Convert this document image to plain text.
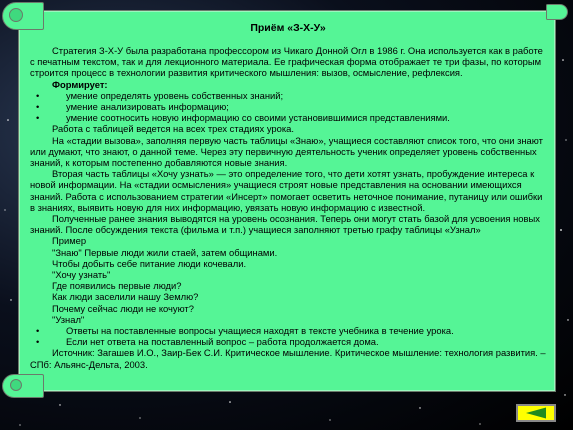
Приём «З-Х-У»

Стратегия З-Х-У была разработана профессором из Чикаго Донной Огл в 1986 г. Она используется как в работе с печатным текстом, так и для лекционного материала. Ее графическая форма отображает те три фазы, по которым строится процесс в технологии развития критического мышления: вызов, осмысление, рефлексия.

Формирует:

•	умение определять уровень собственных знаний;
•	умение анализировать информацию;
•	умение соотносить новую информацию со своими установившимися представлениями.

Работа с таблицей ведется на всех трех стадиях урока.

На «стадии вызова», заполняя первую часть таблицы «Знаю», учащиеся составляют список того, что они знают или думают, что знают, о данной теме. Через эту первичную деятельность ученик определяет уровень собственных знаний, к которым постепенно добавляются новые знания.

Вторая часть таблицы «Хочу узнать» — это определение того, что дети хотят узнать, пробуждение интереса к новой информации. На «стадии осмысления» учащиеся строят новые представления на основании имеющихся знаний. Работа с использованием стратегии «Инсерт» помогает осветить неточное понимание, путаницу или ошибки в знаниях, выявить новую для них информацию, увязать новую информацию с известной.

Полученные ранее знания выводятся на уровень осознания. Теперь они могут стать базой для усвоения новых знаний. После обсуждения текста (фильма и т.п.) учащиеся заполняют третью графу таблицы «Узнал»

Пример

"Знаю" Первые люди жили стаей, затем общинами.

Чтобы добыть себе питание люди кочевали.

"Хочу узнать"

Где появились первые люди?

Как люди заселили нашу Землю?

Почему сейчас люди не кочуют?

"Узнал"

•	Ответы на поставленные вопросы учащиеся находят в тексте учебника в течение урока.
•	Если нет ответа на поставленный вопрос – работа продолжается дома.

Источник: Загашев И.О., Заир-Бек С.И. Критическое мышление. Критическое мышление: технология развития. – СПб: Альянс-Дельта, 2003.
